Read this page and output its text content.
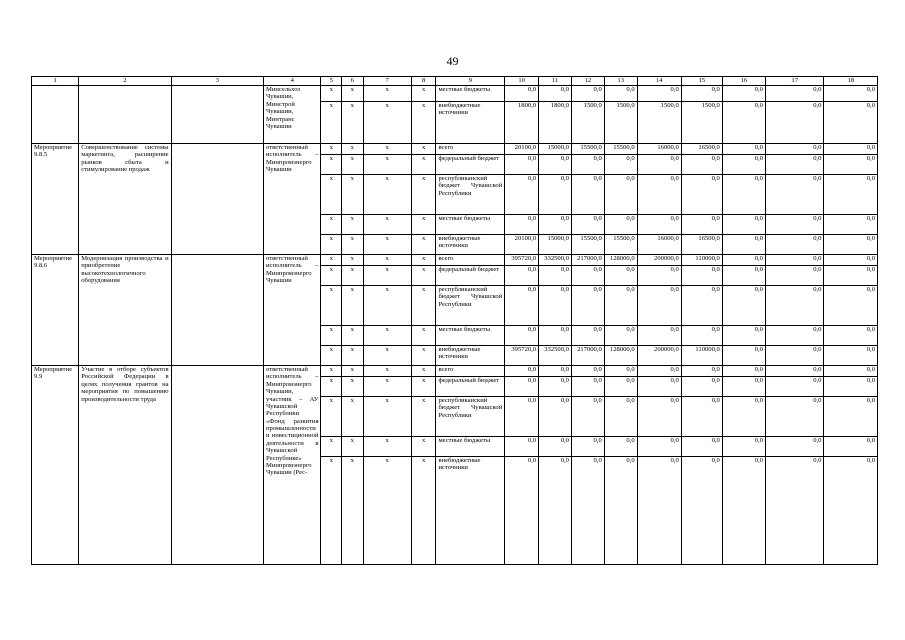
49
1	2	3	4	5	6	7	8	9	10	11	12	13	14	15	16	17	18
			Минсельхоз Чувашии, Минстрой Чувашии, Минтранс Чувашии	х	х	х	х	местные бюджеты	0,0	0,0	0,0	0,0	0,0	0,0	0,0	0,0	0,0
				х	х	х	х	внебюджетные источники	1800,0	1800,0	1500,0	1500,0	1500,0	1500,0	0,0	0,0	0,0
Мероприятие 9.8.5	Совершенствование системы маркетинга, расширение рынков сбыта и стимулирование продаж		ответственный исполнитель – Минпромэнерго Чувашии	х	х	х	х	всего	20100,0	15000,0	15500,0	15500,0	16000,0	16500,0	0,0	0,0	0,0
				х	х	х	х	федеральный бюджет	0,0	0,0	0,0	0,0	0,0	0,0	0,0	0,0	0,0
				х	х	х	х	республиканский бюджет Чувашской Республики	0,0	0,0	0,0	0,0	0,0	0,0	0,0	0,0	0,0
				х	х	х	х	местные бюджеты	0,0	0,0	0,0	0,0	0,0	0,0	0,0	0,0	0,0
				х	х	х	х	внебюджетные источники	20100,0	15000,0	15500,0	15500,0	16000,0	16500,0	0,0	0,0	0,0
Мероприятие 9.8.6	Модернизация производства и приобретение высокотехнологичного оборудования		ответственный исполнитель – Минпромэнерго Чувашии	х	х	х	х	всего	395720,0	332500,0	217000,0	128000,0	200000,0	110000,0	0,0	0,0	0,0
				х	х	х	х	федеральный бюджет	0,0	0,0	0,0	0,0	0,0	0,0	0,0	0,0	0,0
				х	х	х	х	республиканский бюджет Чувашской Республики	0,0	0,0	0,0	0,0	0,0	0,0	0,0	0,0	0,0
				х	х	х	х	местные бюджеты	0,0	0,0	0,0	0,0	0,0	0,0	0,0	0,0	0,0
				х	х	х	х	внебюджетные источники	395720,0	332500,0	217000,0	128000,0	200000,0	110000,0	0,0	0,0	0,0
Мероприятие 9.9	Участие в отборе субъектов Российской Федерации в целях получения грантов на мероприятия по повышению производительности труда		ответственный исполнитель – Минпромэнерго Чувашии, участник – АУ Чувашской Республики «Фонд развития промышленности и инвестиционной деятельности в Чувашской Республике» Минпромэнерго Чувашии (Рес-	х	х	х	х	всего	0,0	0,0	0,0	0,0	0,0	0,0	0,0	0,0	0,0
				х	х	х	х	федеральный бюджет	0,0	0,0	0,0	0,0	0,0	0,0	0,0	0,0	0,0
				х	х	х	х	республиканский бюджет Чувашской Республики	0,0	0,0	0,0	0,0	0,0	0,0	0,0	0,0	0,0
				х	х	х	х	местные бюджеты	0,0	0,0	0,0	0,0	0,0	0,0	0,0	0,0	0,0
				х	х	х	х	внебюджетные источники	0,0	0,0	0,0	0,0	0,0	0,0	0,0	0,0	0,0
